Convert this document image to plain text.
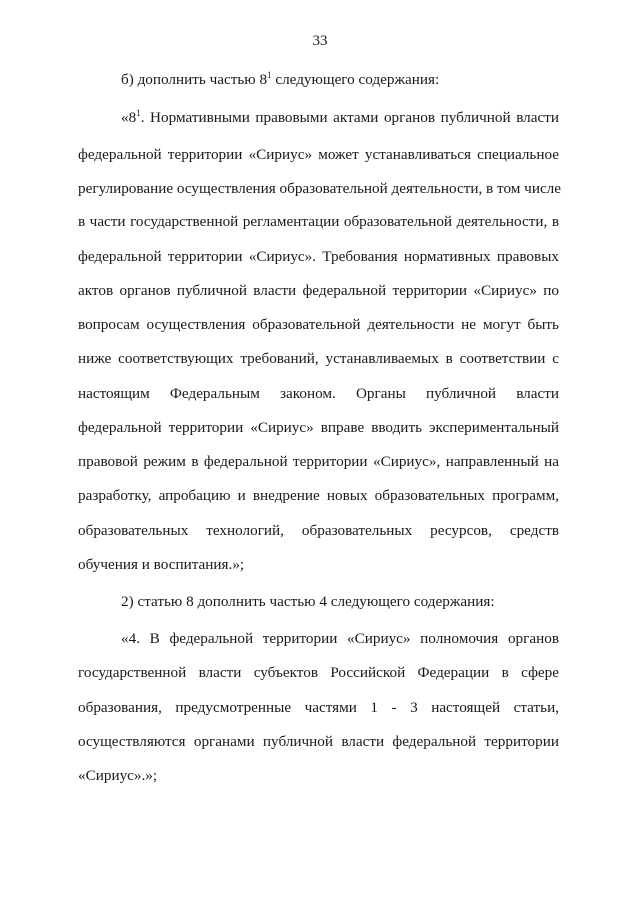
33
б) дополнить частью $8^1$ следующего содержания:
«$8^1$. Нормативными правовыми актами органов публичной власти
федеральной территории «Сириус» может устанавливаться специальное
регулирование осуществления образовательной деятельности, в том числе
в части государственной регламентации образовательной деятельности, в
федеральной территории «Сириус». Требования нормативных правовых
актов органов публичной власти федеральной территории «Сириус» по
вопросам осуществления образовательной деятельности не могут быть
ниже соответствующих требований, устанавливаемых в соответствии с
настоящим Федеральным законом. Органы публичной власти
федеральной территории «Сириус» вправе вводить экспериментальный
правовой режим в федеральной территории «Сириус», направленный на
разработку, апробацию и внедрение новых образовательных программ,
образовательных технологий, образовательных ресурсов, средств
обучения и воспитания.»;
2) статью 8 дополнить частью 4 следующего содержания:
«4. В федеральной территории «Сириус» полномочия органов
государственной власти субъектов Российской Федерации в сфере
образования, предусмотренные частями 1 - 3 настоящей статьи,
осуществляются органами публичной власти федеральной территории
«Сириус».»;
